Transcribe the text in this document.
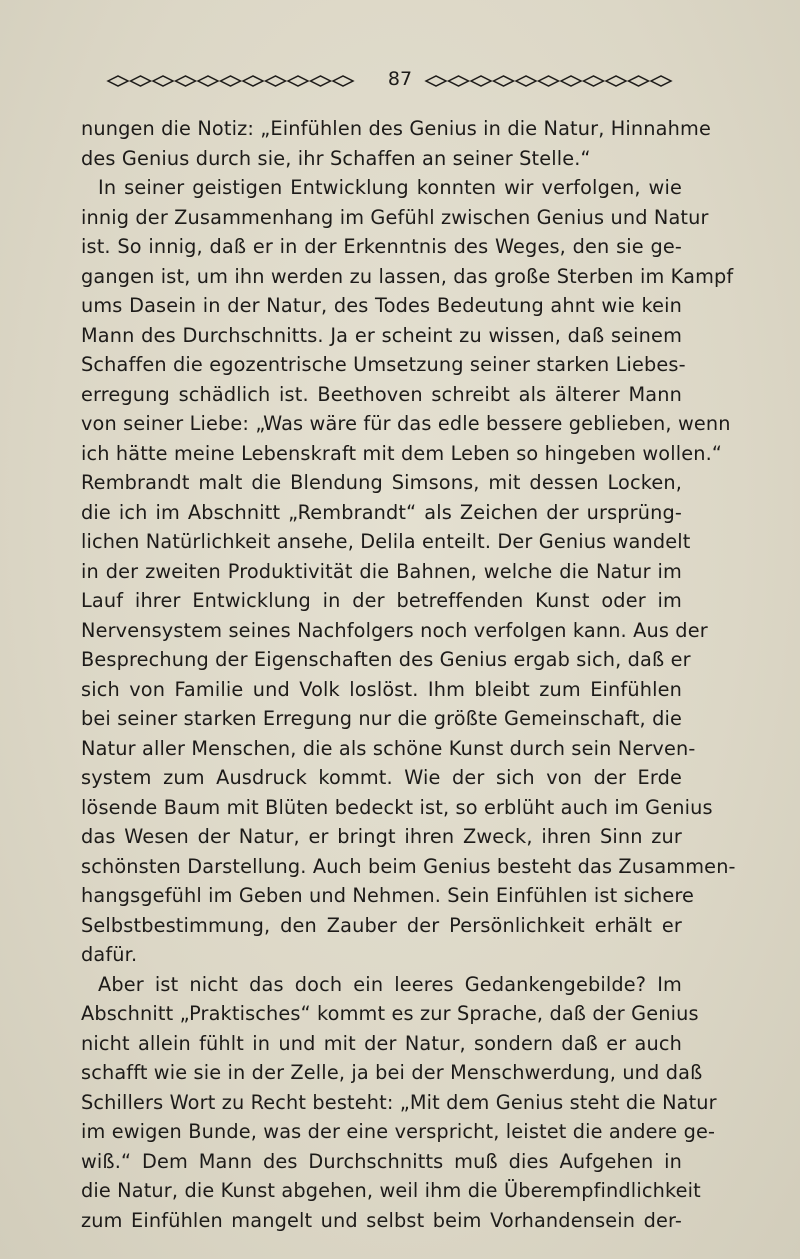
87
nungen die Notiz: „Einfühlen des Genius in die Natur, Hinnahme
des Genius durch sie, ihr Schaffen an seiner Stelle.“
In seiner geistigen Entwicklung konnten wir verfolgen, wie
innig der Zusammenhang im Gefühl zwischen Genius und Natur
ist. So innig, daß er in der Erkenntnis des Weges, den sie ge-
gangen ist, um ihn werden zu lassen, das große Sterben im Kampf
ums Dasein in der Natur, des Todes Bedeutung ahnt wie kein
Mann des Durchschnitts. Ja er scheint zu wissen, daß seinem
Schaffen die egozentrische Umsetzung seiner starken Liebes-
erregung schädlich ist. Beethoven schreibt als älterer Mann
von seiner Liebe: „Was wäre für das edle bessere geblieben, wenn
ich hätte meine Lebenskraft mit dem Leben so hingeben wollen.“
Rembrandt malt die Blendung Simsons, mit dessen Locken,
die ich im Abschnitt „Rembrandt“ als Zeichen der ursprüng-
lichen Natürlichkeit ansehe, Delila enteilt. Der Genius wandelt
in der zweiten Produktivität die Bahnen, welche die Natur im
Lauf ihrer Entwicklung in der betreffenden Kunst oder im
Nervensystem seines Nachfolgers noch verfolgen kann. Aus der
Besprechung der Eigenschaften des Genius ergab sich, daß er
sich von Familie und Volk loslöst. Ihm bleibt zum Einfühlen
bei seiner starken Erregung nur die größte Gemeinschaft, die
Natur aller Menschen, die als schöne Kunst durch sein Nerven-
system zum Ausdruck kommt. Wie der sich von der Erde
lösende Baum mit Blüten bedeckt ist, so erblüht auch im Genius
das Wesen der Natur, er bringt ihren Zweck, ihren Sinn zur
schönsten Darstellung. Auch beim Genius besteht das Zusammen-
hangsgefühl im Geben und Nehmen. Sein Einfühlen ist sichere
Selbstbestimmung, den Zauber der Persönlichkeit erhält er
dafür.
Aber ist nicht das doch ein leeres Gedankengebilde? Im
Abschnitt „Praktisches“ kommt es zur Sprache, daß der Genius
nicht allein fühlt in und mit der Natur, sondern daß er auch
schafft wie sie in der Zelle, ja bei der Menschwerdung, und daß
Schillers Wort zu Recht besteht: „Mit dem Genius steht die Natur
im ewigen Bunde, was der eine verspricht, leistet die andere ge-
wiß.“ Dem Mann des Durchschnitts muß dies Aufgehen in
die Natur, die Kunst abgehen, weil ihm die Überempfindlichkeit
zum Einfühlen mangelt und selbst beim Vorhandensein der-
